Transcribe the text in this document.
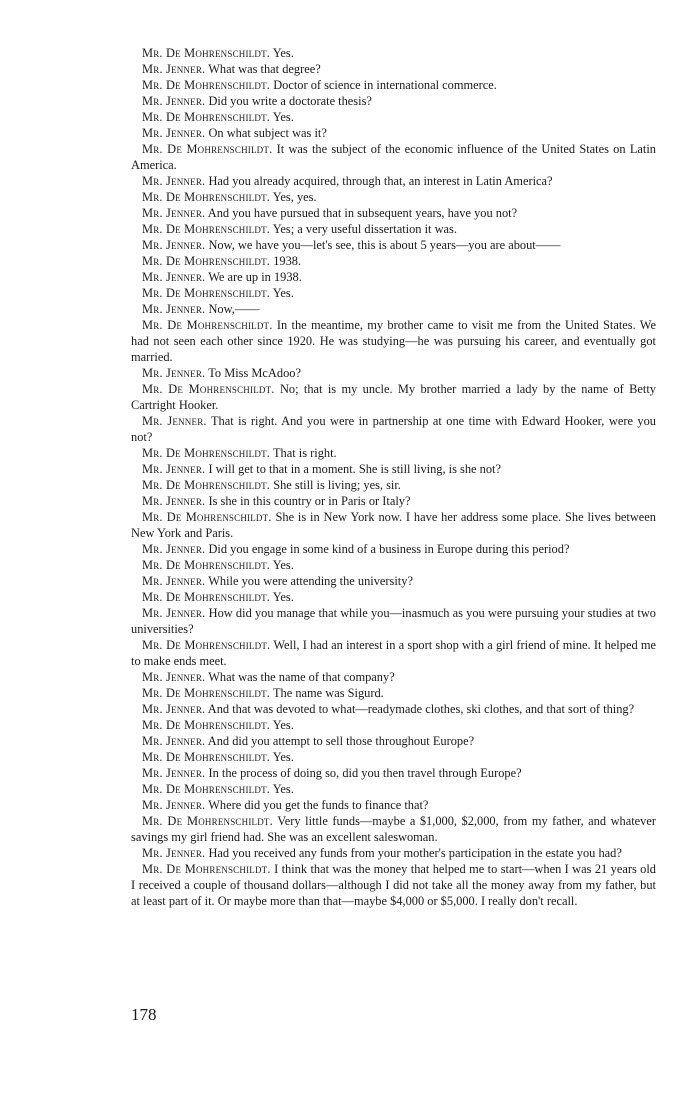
Mr. De Mohrenschildt. Yes.

Mr. Jenner. What was that degree?

Mr. De Mohrenschildt. Doctor of science in international commerce.

Mr. Jenner. Did you write a doctorate thesis?

Mr. De Mohrenschildt. Yes.

Mr. Jenner. On what subject was it?

Mr. De Mohrenschildt. It was the subject of the economic influence of the United States on Latin America.

Mr. Jenner. Had you already acquired, through that, an interest in Latin America?

Mr. De Mohrenschildt. Yes, yes.

Mr. Jenner. And you have pursued that in subsequent years, have you not?

Mr. De Mohrenschildt. Yes; a very useful dissertation it was.

Mr. Jenner. Now, we have you—let's see, this is about 5 years—you are about——

Mr. De Mohrenschildt. 1938.

Mr. Jenner. We are up in 1938.

Mr. De Mohrenschildt. Yes.

Mr. Jenner. Now,——

Mr. De Mohrenschildt. In the meantime, my brother came to visit me from the United States. We had not seen each other since 1920. He was studying—he was pursuing his career, and eventually got married.

Mr. Jenner. To Miss McAdoo?

Mr. De Mohrenschildt. No; that is my uncle. My brother married a lady by the name of Betty Cartright Hooker.

Mr. Jenner. That is right. And you were in partnership at one time with Edward Hooker, were you not?

Mr. De Mohrenschildt. That is right.

Mr. Jenner. I will get to that in a moment. She is still living, is she not?

Mr. De Mohrenschildt. She still is living; yes, sir.

Mr. Jenner. Is she in this country or in Paris or Italy?

Mr. De Mohrenschildt. She is in New York now. I have her address some place. She lives between New York and Paris.

Mr. Jenner. Did you engage in some kind of a business in Europe during this period?

Mr. De Mohrenschildt. Yes.

Mr. Jenner. While you were attending the university?

Mr. De Mohrenschildt. Yes.

Mr. Jenner. How did you manage that while you—inasmuch as you were pursuing your studies at two universities?

Mr. De Mohrenschildt. Well, I had an interest in a sport shop with a girl friend of mine. It helped me to make ends meet.

Mr. Jenner. What was the name of that company?

Mr. De Mohrenschildt. The name was Sigurd.

Mr. Jenner. And that was devoted to what—readymade clothes, ski clothes, and that sort of thing?

Mr. De Mohrenschildt. Yes.

Mr. Jenner. And did you attempt to sell those throughout Europe?

Mr. De Mohrenschildt. Yes.

Mr. Jenner. In the process of doing so, did you then travel through Europe?

Mr. De Mohrenschildt. Yes.

Mr. Jenner. Where did you get the funds to finance that?

Mr. De Mohrenschildt. Very little funds—maybe a $1,000, $2,000, from my father, and whatever savings my girl friend had. She was an excellent saleswoman.

Mr. Jenner. Had you received any funds from your mother's participation in the estate you had?

Mr. De Mohrenschildt. I think that was the money that helped me to start—when I was 21 years old I received a couple of thousand dollars—although I did not take all the money away from my father, but at least part of it. Or maybe more than that—maybe $4,000 or $5,000. I really don't recall.

178
